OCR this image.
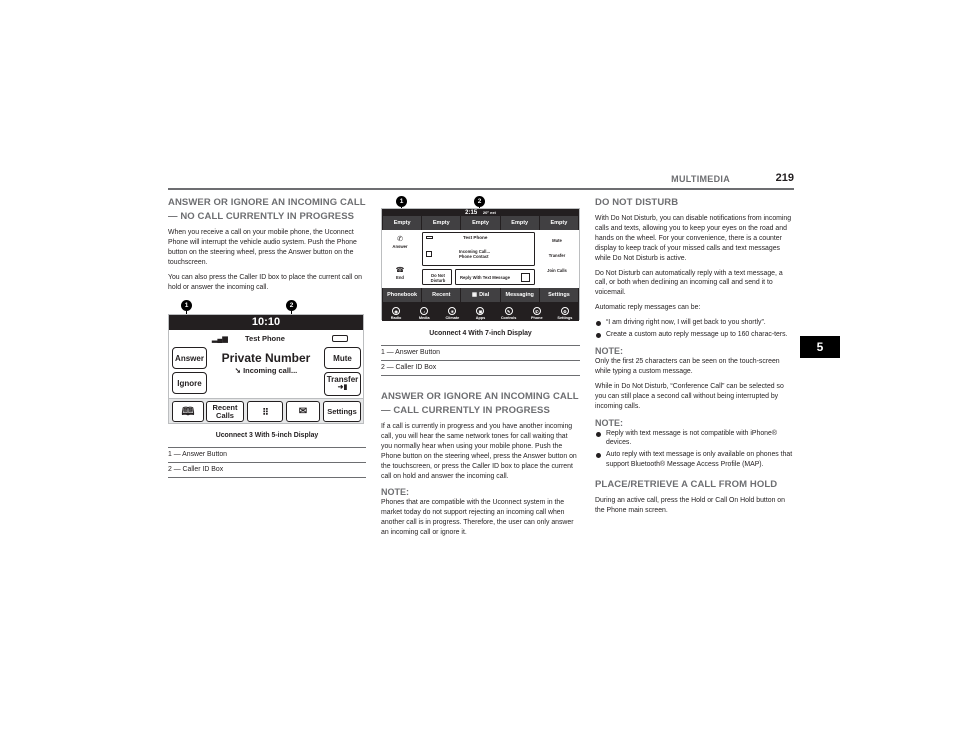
MULTIMEDIA	219
5
ANSWER OR IGNORE AN INCOMING CALL — NO CALL CURRENTLY IN PROGRESS

When you receive a call on your mobile phone, the Uconnect Phone will interrupt the vehicle audio system. Push the Phone button on the steering wheel, press the Answer button on the touchscreen.

You can also press the Caller ID box to place the current call on hold or answer the incoming call.

1	2
10:10
▂▄▆ Test Phone
Answer
Ignore
Private Number
➘ Incoming call...
Mute
Transfer
➜▮
🕮	Recent Calls	⠿	✉	Settings
Uconnect 3 With 5-inch Display
1 — Answer Button
2 — Caller ID Box
1	2
2:15 20° ext
Empty	Empty	Empty	Empty	Empty
✆
Answer
☎
End
Test Phone
Incoming Call...
Phone Contact
Mute
Transfer
Join Calls
Do Not Disturb
Reply With Text Message
Phonebook	Recent	▦ Dial	Messaging	Settings
◉
Radio
♪
Media
✳
Climate
▣
Apps
✎
Controls
✆
Phone
⚙
Settings
Uconnect 4 With 7-inch Display
1 — Answer Button
2 — Caller ID Box
ANSWER OR IGNORE AN INCOMING CALL — CALL CURRENTLY IN PROGRESS

If a call is currently in progress and you have another incoming call, you will hear the same network tones for call waiting that you normally hear when using your mobile phone. Push the Phone button on the steering wheel, press the Answer button on the touchscreen, or press the Caller ID box to place the current call on hold and answer the incoming call.

NOTE:

Phones that are compatible with the Uconnect system in the market today do not support rejecting an incoming call when another call is in progress. Therefore, the user can only answer an incoming call or ignore it.

DO NOT DISTURB

With Do Not Disturb, you can disable notifications from incoming calls and texts, allowing you to keep your eyes on the road and hands on the wheel. For your convenience, there is a counter display to keep track of your missed calls and text messages while Do Not Disturb is active.

Do Not Disturb can automatically reply with a text message, a call, or both when declining an incoming call and send it to voicemail.

Automatic reply messages can be:

“I am driving right now, I will get back to you shortly”.
Create a custom auto reply message up to 160 charac-ters.
NOTE:

Only the first 25 characters can be seen on the touch-screen while typing a custom message.

While in Do Not Disturb, “Conference Call” can be selected so you can still place a second call without being interrupted by incoming calls.

NOTE:
Reply with text message is not compatible with iPhone® devices.
Auto reply with text message is only available on phones that support Bluetooth® Message Access Profile (MAP).
PLACE/RETRIEVE A CALL FROM HOLD

During an active call, press the Hold or Call On Hold button on the Phone main screen.
